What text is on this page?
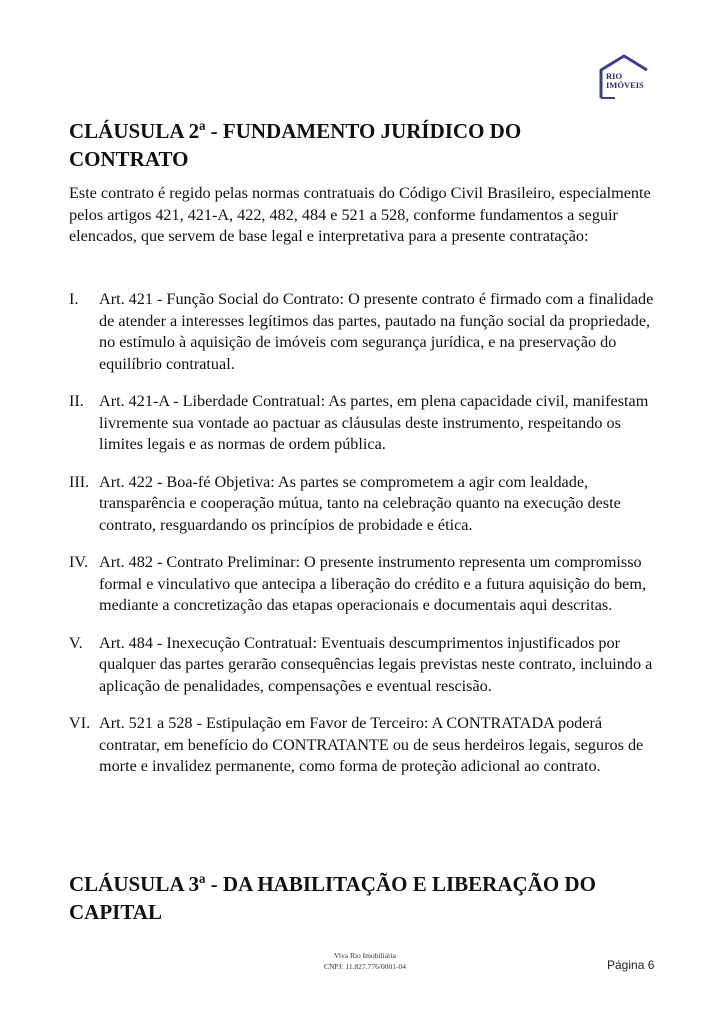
RIO
IMÓVEIS
CLÁUSULA 2ª - FUNDAMENTO JURÍDICO DO
CONTRATO

Este contrato é regido pelas normas contratuais do Código Civil Brasileiro, especialmente pelos artigos 421, 421-A, 422, 482, 484 e 521 a 528, conforme fundamentos a seguir elencados, que servem de base legal e interpretativa para a presente contratação:

I. Art. 421 - Função Social do Contrato: O presente contrato é firmado com a finalidade de atender a interesses legítimos das partes, pautado na função social da propriedade, no estímulo à aquisição de imóveis com segurança jurídica, e na preservação do equilíbrio contratual.
II. Art. 421-A - Liberdade Contratual: As partes, em plena capacidade civil, manifestam livremente sua vontade ao pactuar as cláusulas deste instrumento, respeitando os limites legais e as normas de ordem pública.
III. Art. 422 - Boa-fé Objetiva: As partes se comprometem a agir com lealdade, transparência e cooperação mútua, tanto na celebração quanto na execução deste contrato, resguardando os princípios de probidade e ética.
IV. Art. 482 - Contrato Preliminar: O presente instrumento representa um compromisso formal e vinculativo que antecipa a liberação do crédito e a futura aquisição do bem, mediante a concretização das etapas operacionais e documentais aqui descritas.
V. Art. 484 - Inexecução Contratual: Eventuais descumprimentos injustificados por qualquer das partes gerarão consequências legais previstas neste contrato, incluindo a aplicação de penalidades, compensações e eventual rescisão.
VI. Art. 521 a 528 - Estipulação em Favor de Terceiro: A CONTRATADA poderá contratar, em benefício do CONTRATANTE ou de seus herdeiros legais, seguros de morte e invalidez permanente, como forma de proteção adicional ao contrato.
CLÁUSULA 3ª - DA HABILITAÇÃO E LIBERAÇÃO DO
CAPITAL
Viva Rio Imobiliária
CNPJ: 11.827.776/0001-04	Página 6
